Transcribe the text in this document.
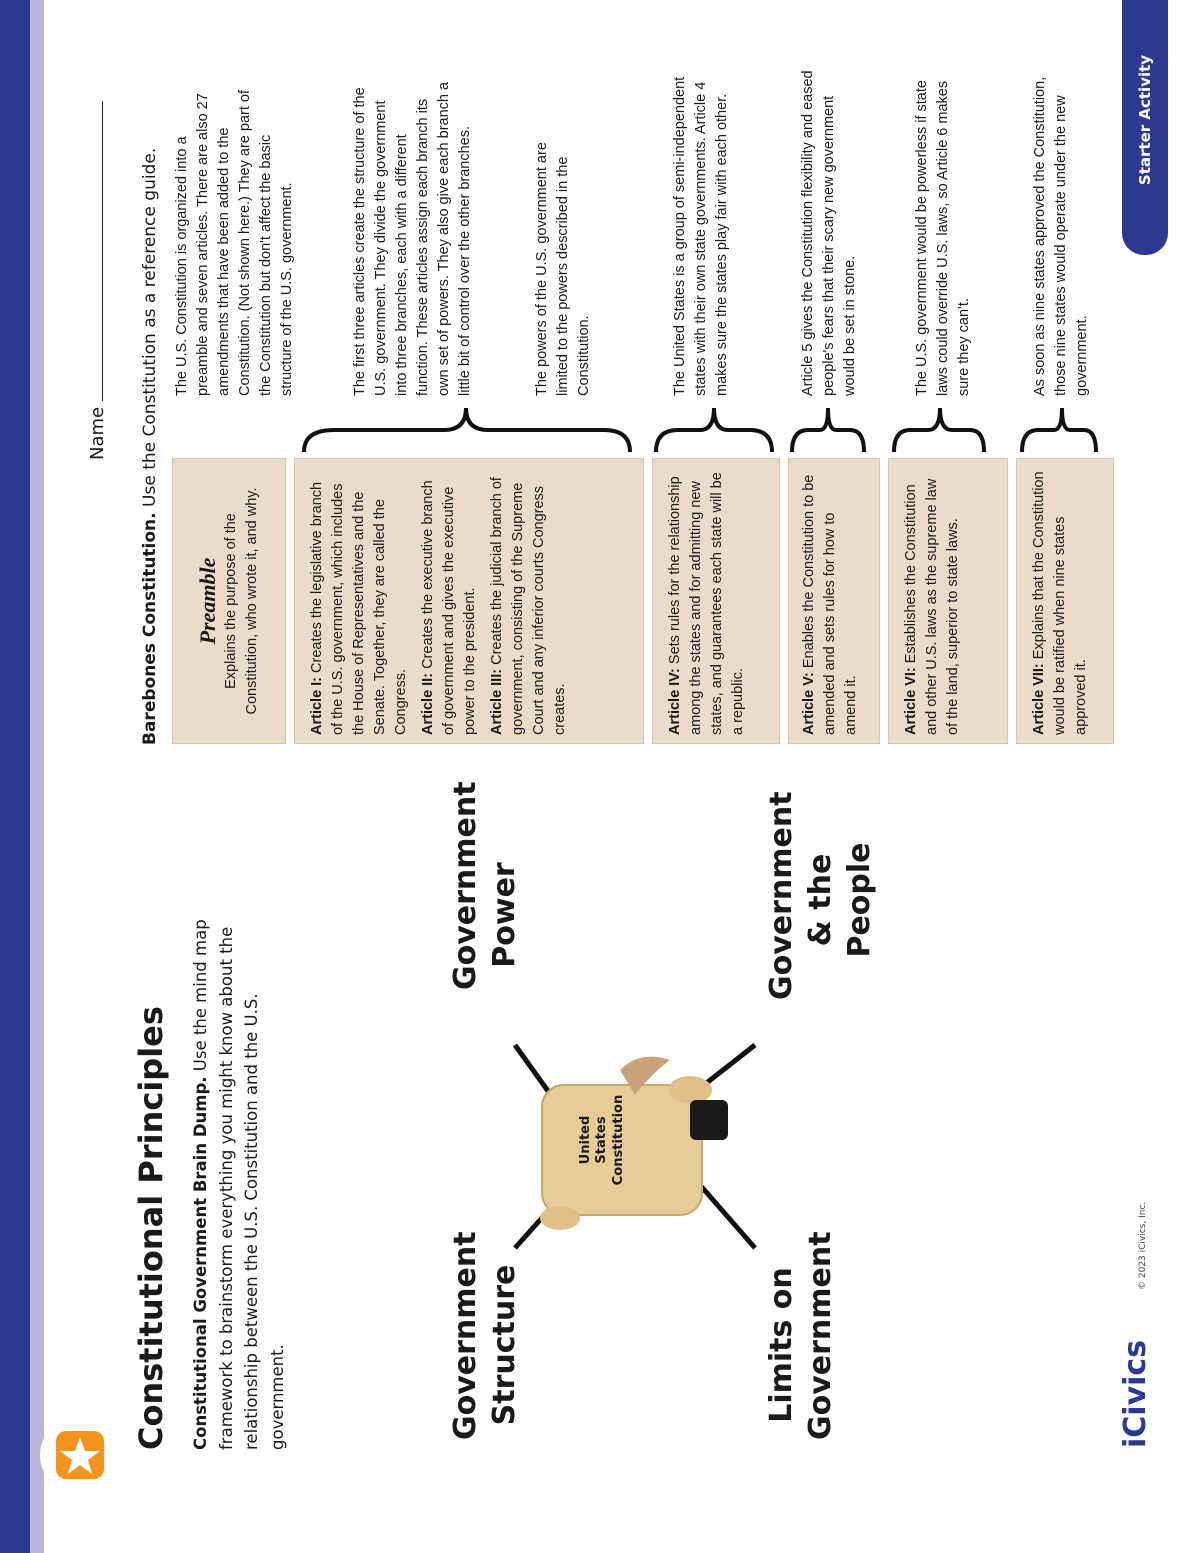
Starter Activity
Constitutional Principles Constitutional Government Brain Dump. Use the mind map framework to brainstorm everything you might know about the relationship between the U.S. Constitution and the U.S. government.	Government Structure
Government Power
Limits on Government
Government & the People
United States Constitution
Name
Barebones Constitution. Use the Constitution as a reference guide.
Preamble Explains the purpose of the Constitution, who wrote it, and why.	Article I: Creates the legislative branch of the U.S. government, which includes the House of Representatives and the Senate. Together, they are called the Congress. Article II: Creates the executive branch of government and gives the executive power to the president. Article III: Creates the judicial branch of government, consisting of the Supreme Court and any inferior courts Congress creates.	Article IV: Sets rules for the relationship among the states and for admitting new states, and guarantees each state will be a republic.	Article V: Enables the Constitution to be amended and sets rules for how to amend it.	Article VI: Establishes the Constitution and other U.S. laws as the supreme law of the land, superior to state laws.	Article VII: Explains that the Constitution would be ratified when nine states approved it.
The U.S. Constitution is organized into a preamble and seven articles. There are also 27 amendments that have been added to the Constitution. (Not shown here.) They are part of the Constitution but don't affect the basic structure of the U.S. government.	The first three articles create the structure of the U.S. government. They divide the government into three branches, each with a different function. These articles assign each branch its own set of powers. They also give each branch a little bit of control over the other branches.	The powers of the U.S. government are limited to the powers described in the Constitution.	The United States is a group of semi-independent states with their own state governments. Article 4 makes sure the states play fair with each other.	Article 5 gives the Constitution flexibility and eased people's fears that their scary new government would be set in stone.	The U.S. government would be powerless if state laws could override U.S. laws, so Article 6 makes sure they can't.	As soon as nine states approved the Constitution, those nine states would operate under the new government.
iCivics
© 2023 iCivics, Inc.
